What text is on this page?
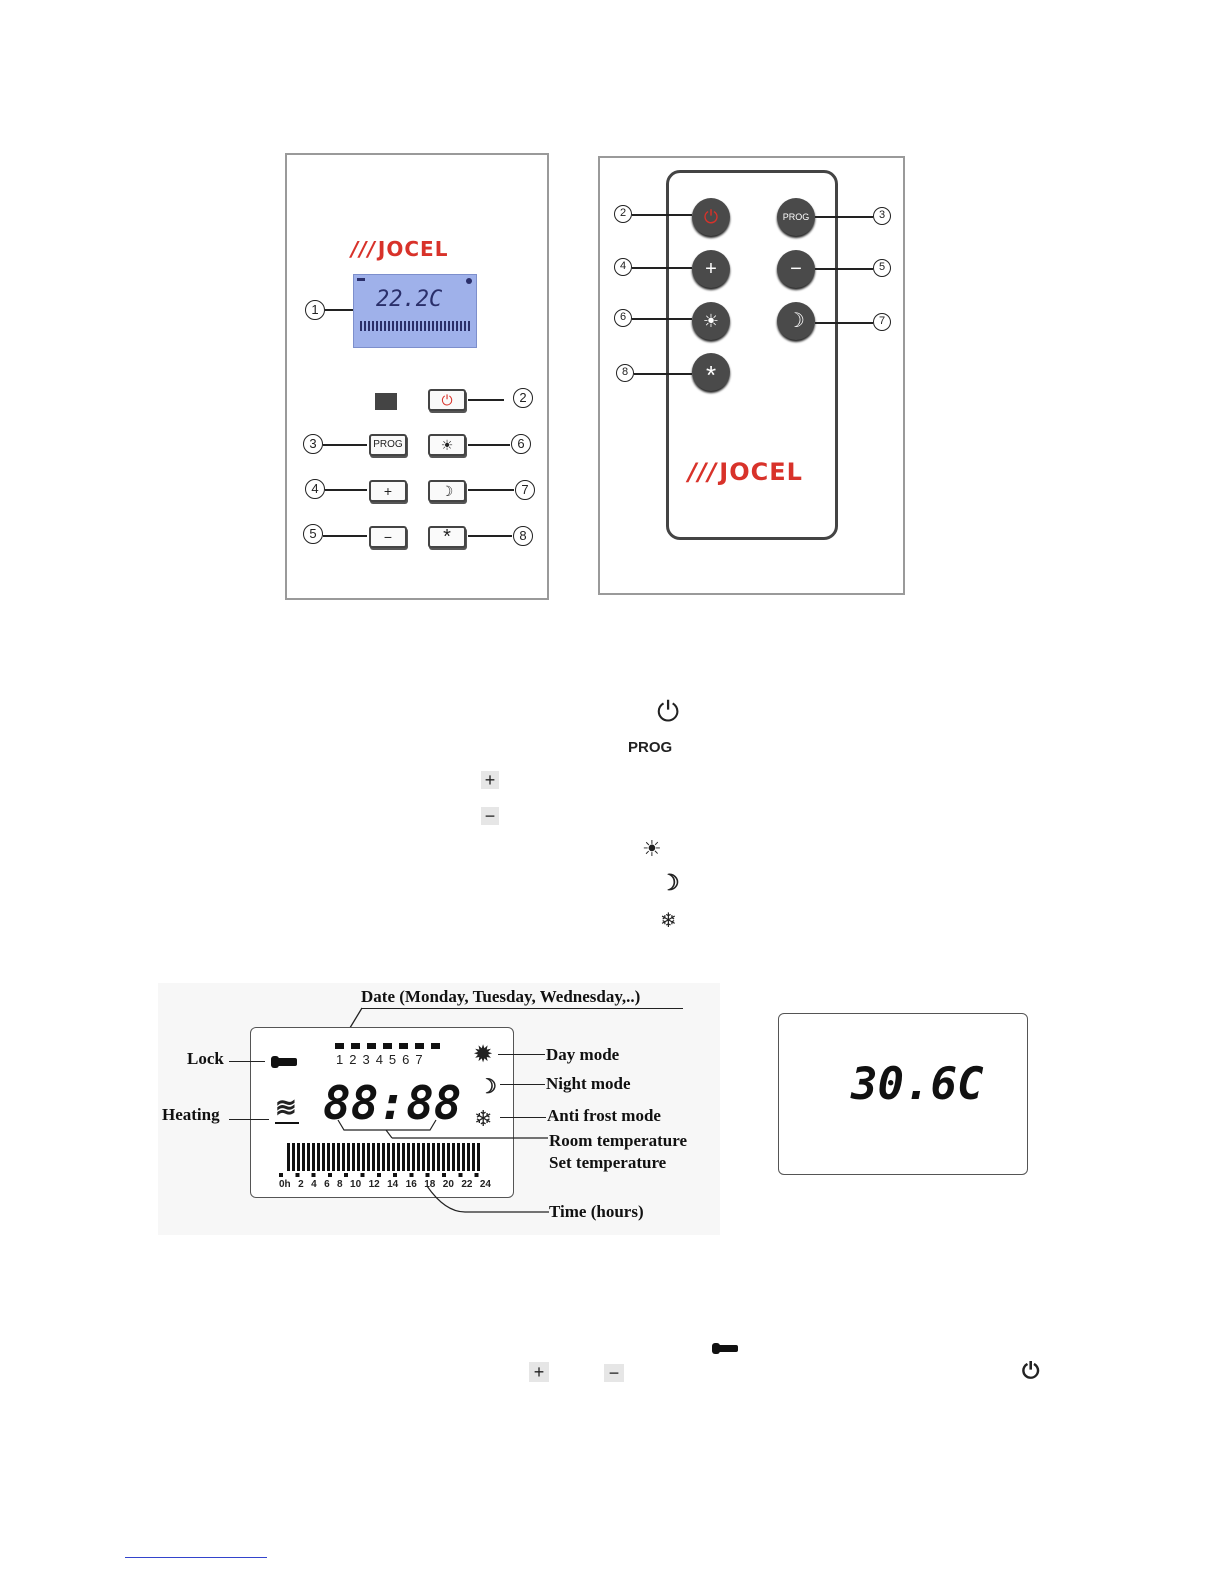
/// JOCEL
22.2C
1
⏻	2
3	PROG	☀	6
4	+	☽	7
5	−	*	8
2	⏻	PROG	3
4	+	−	5
6	☀	☽	7
8	*
///JOCEL
⏻
PROG
+
−
☀
☽
❄
Date (Monday, Tuesday, Wednesday,..)
1234567
≋ 88:88
✹
☽
❄
0h 2 4 6 8 10 12 14 16 18 20 22 24
Lock
Heating
Day mode
Night mode
Anti frost mode
Room temperature
Set temperature
Time (hours)
30.6C
+	−	⏻
